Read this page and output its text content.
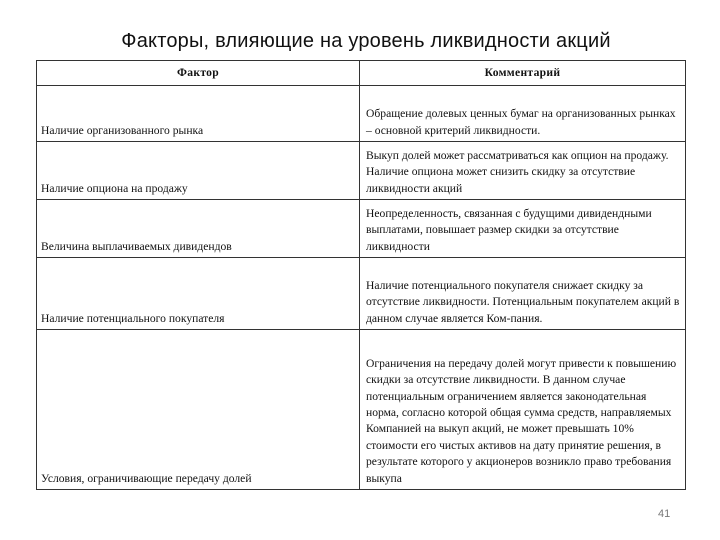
Факторы, влияющие на уровень ликвидности акций
Фактор	Комментарий
Наличие организованного рынка	Обращение долевых ценных бумаг на организованных рынках – основной критерий ликвидности.
Наличие опциона на продажу	Выкуп долей может рассматриваться как опцион на продажу. Наличие опциона может снизить скидку за отсутствие ликвидности акций
Величина выплачиваемых дивидендов	Неопределенность, связанная с будущими дивидендными выплатами, повышает размер скидки за отсутствие ликвидности
Наличие потенциального покупателя	Наличие потенциального покупателя снижает скидку за отсутствие ликвидности. Потенциальным покупателем акций в данном случае является Ком-пания.
Условия, ограничивающие передачу долей	Ограничения на передачу долей могут привести к повышению скидки за отсутствие ликвидности. В данном случае потенциальным ограничением является законодательная норма, согласно которой общая сумма средств, направляемых Компанией на выкуп акций, не может превышать 10% стоимости его чистых активов на дату принятие решения, в результате которого у акционеров возникло право требования выкупа
41
